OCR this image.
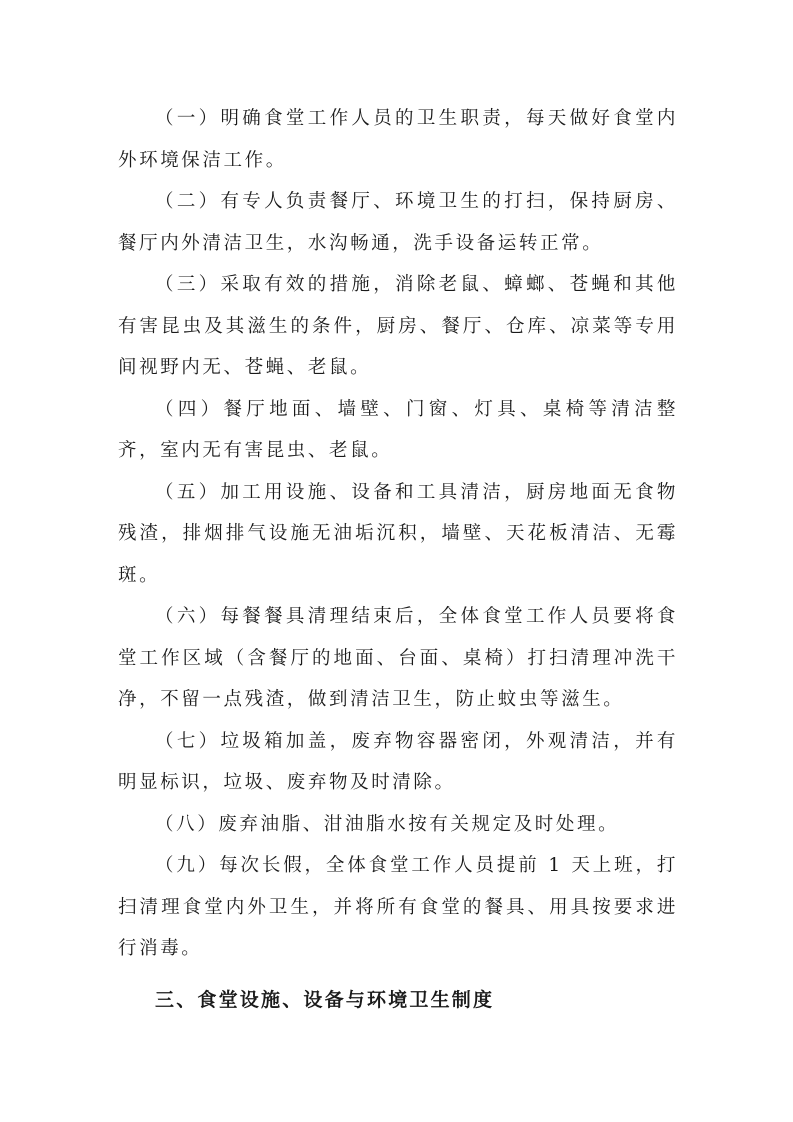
（一）明确食堂工作人员的卫生职责，每天做好食堂内外环境保洁工作。

（二）有专人负责餐厅、环境卫生的打扫，保持厨房、餐厅内外清洁卫生，水沟畅通，洗手设备运转正常。

（三）采取有效的措施，消除老鼠、蟑螂、苍蝇和其他有害昆虫及其滋生的条件，厨房、餐厅、仓库、凉菜等专用间视野内无、苍蝇、老鼠。

（四）餐厅地面、墙壁、门窗、灯具、桌椅等清洁整齐，室内无有害昆虫、老鼠。

（五）加工用设施、设备和工具清洁，厨房地面无食物残渣，排烟排气设施无油垢沉积，墙壁、天花板清洁、无霉斑。

（六）每餐餐具清理结束后，全体食堂工作人员要将食堂工作区域（含餐厅的地面、台面、桌椅）打扫清理冲洗干净，不留一点残渣，做到清洁卫生，防止蚊虫等滋生。

（七）垃圾箱加盖，废弃物容器密闭，外观清洁，并有明显标识，垃圾、废弃物及时清除。

（八）废弃油脂、泔油脂水按有关规定及时处理。

（九）每次长假，全体食堂工作人员提前 1 天上班，打扫清理食堂内外卫生，并将所有食堂的餐具、用具按要求进行消毒。

三、食堂设施、设备与环境卫生制度
